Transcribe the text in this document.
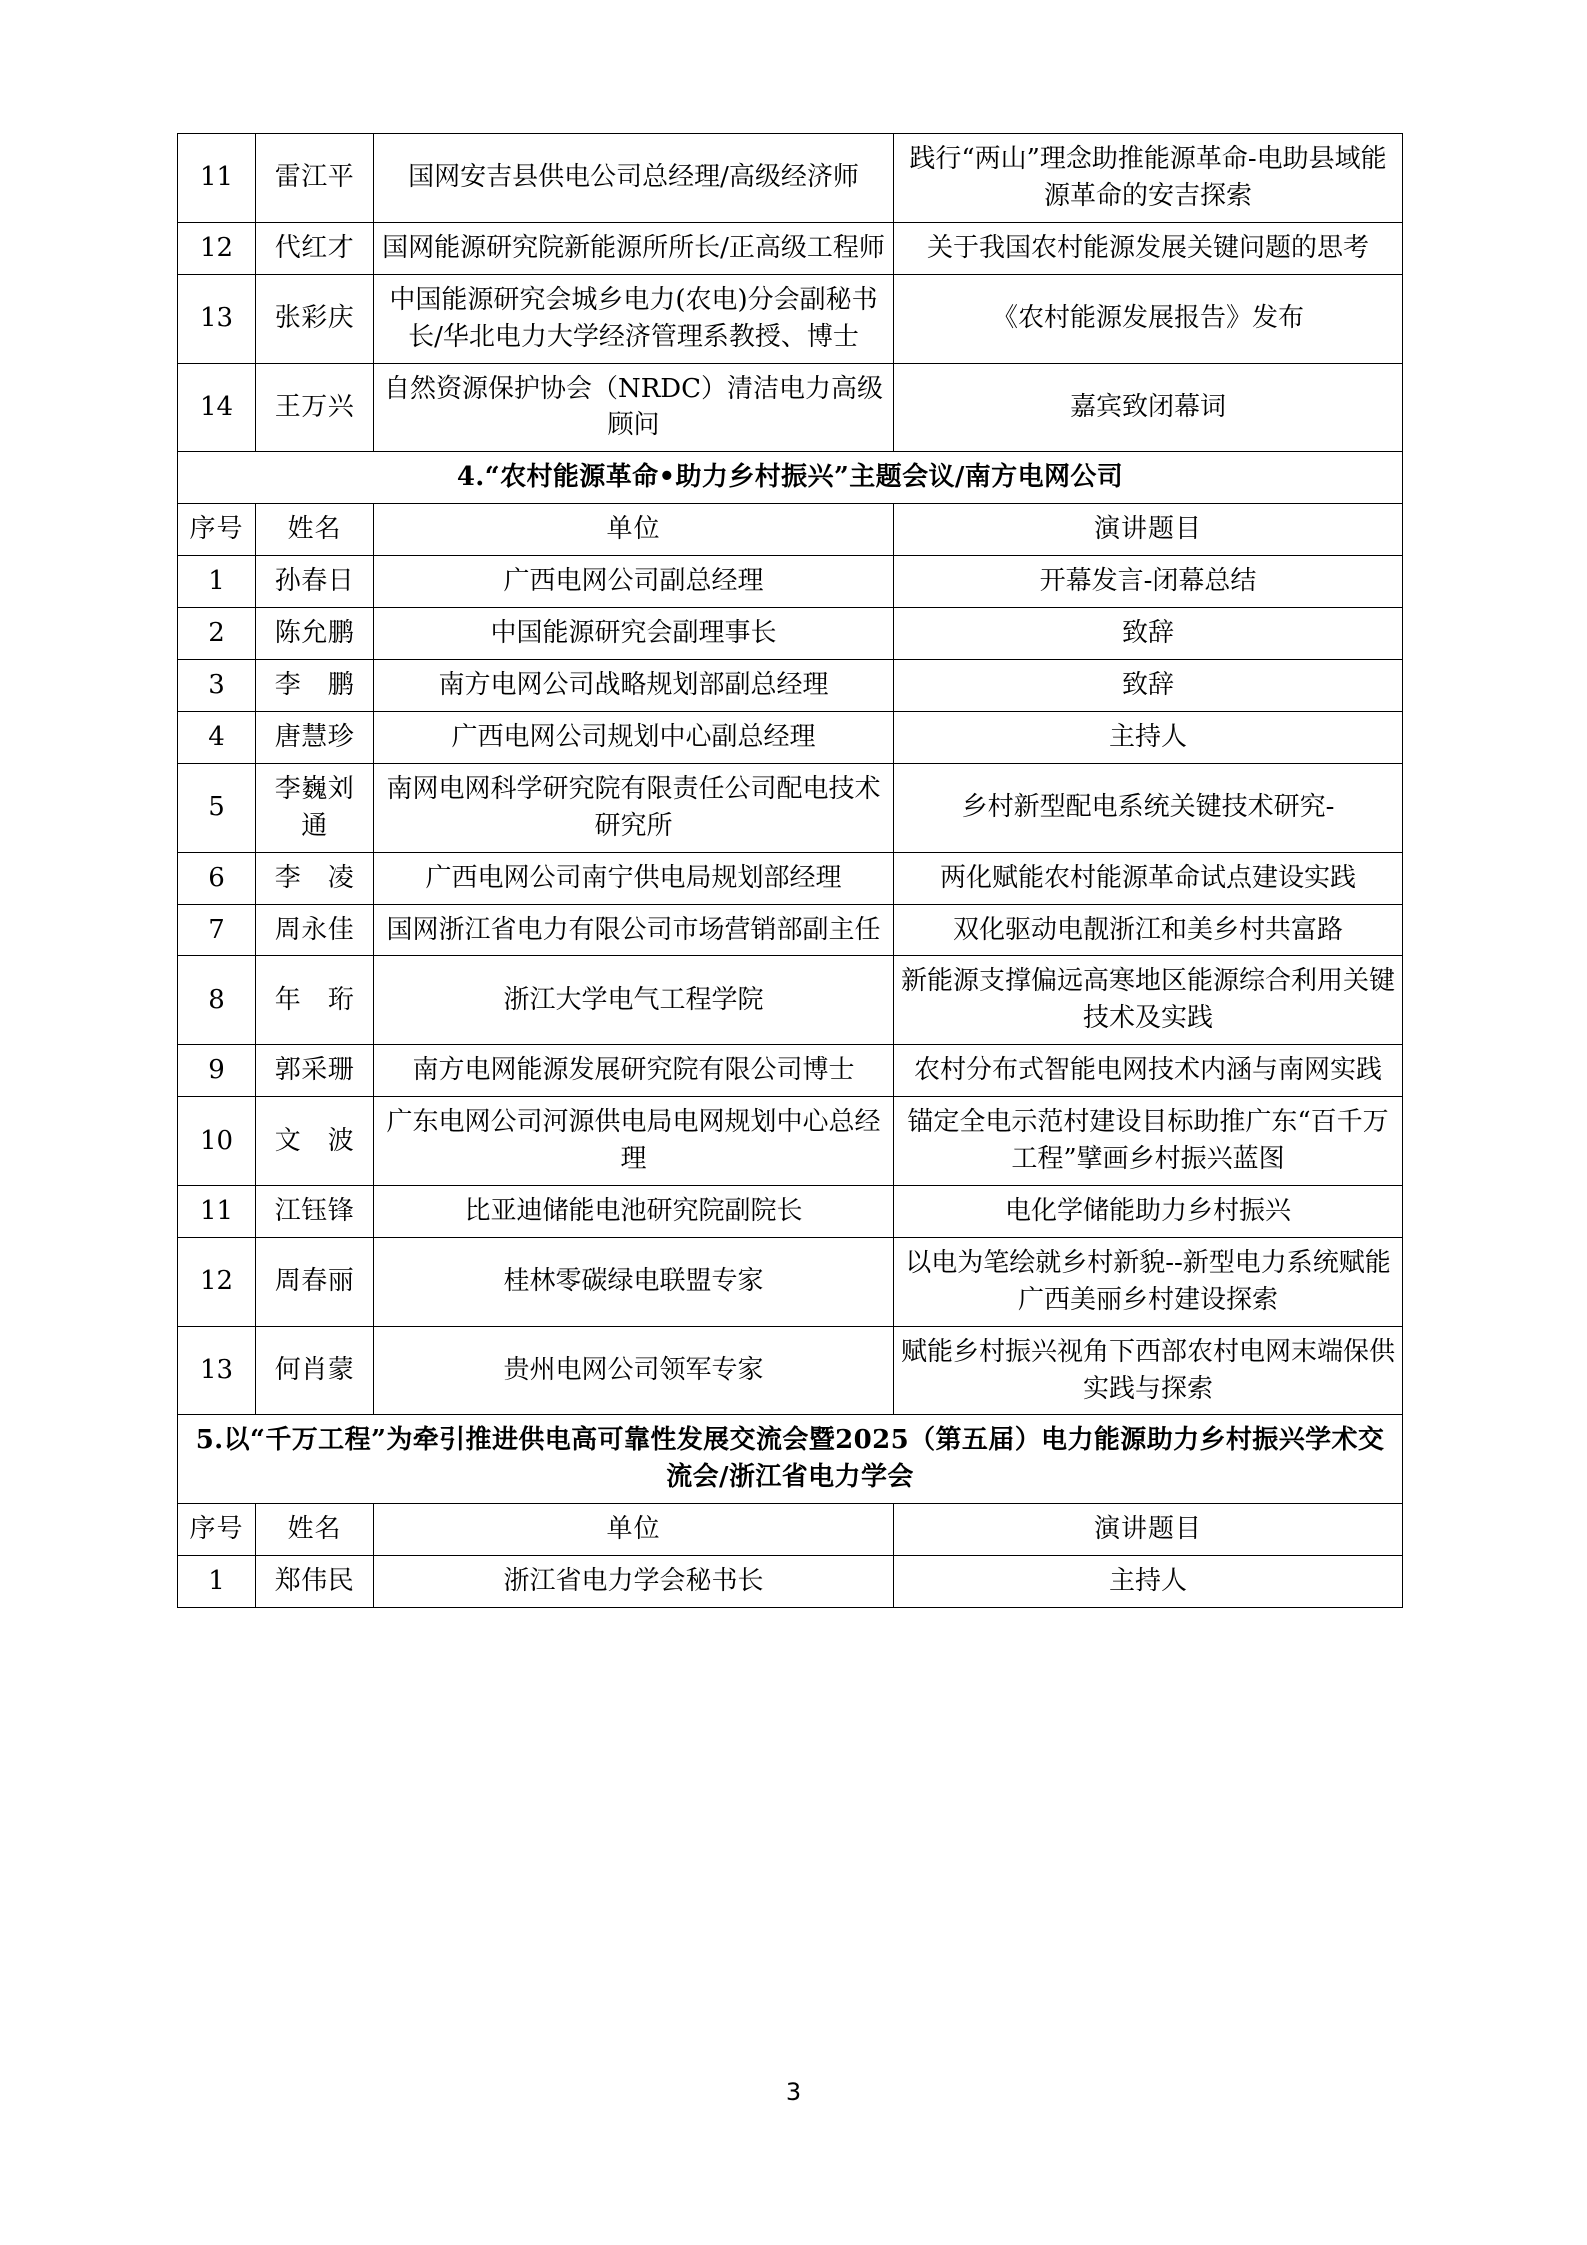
11	雷江平	国网安吉县供电公司总经理/高级经济师	践行“两山”理念助推能源革命-电助县域能源革命的安吉探索
12	代红才	国网能源研究院新能源所所长/正高级工程师	关于我国农村能源发展关键问题的思考
13	张彩庆	中国能源研究会城乡电力(农电)分会副秘书长/华北电力大学经济管理系教授、博士	《农村能源发展报告》发布
14	王万兴	自然资源保护协会（NRDC）清洁电力高级顾问	嘉宾致闭幕词
4.“农村能源革命•助力乡村振兴”主题会议/南方电网公司			
序号	姓名	单位	演讲题目
1	孙春日	广西电网公司副总经理	开幕发言-闭幕总结
2	陈允鹏	中国能源研究会副理事长	致辞
3	李　鹏	南方电网公司战略规划部副总经理	致辞
4	唐慧珍	广西电网公司规划中心副总经理	主持人
5	李巍刘通	南网电网科学研究院有限责任公司配电技术研究所	乡村新型配电系统关键技术研究-
6	李　凌	广西电网公司南宁供电局规划部经理	两化赋能农村能源革命试点建设实践
7	周永佳	国网浙江省电力有限公司市场营销部副主任	双化驱动电靓浙江和美乡村共富路
8	年　珩	浙江大学电气工程学院	新能源支撑偏远高寒地区能源综合利用关键技术及实践
9	郭采珊	南方电网能源发展研究院有限公司博士	农村分布式智能电网技术内涵与南网实践
10	文　波	广东电网公司河源供电局电网规划中心总经理	锚定全电示范村建设目标助推广东“百千万工程”擘画乡村振兴蓝图
11	江钰锋	比亚迪储能电池研究院副院长	电化学储能助力乡村振兴
12	周春丽	桂林零碳绿电联盟专家	以电为笔绘就乡村新貌--新型电力系统赋能广西美丽乡村建设探索
13	何肖蒙	贵州电网公司领军专家	赋能乡村振兴视角下西部农村电网末端保供实践与探索
5.以“千万工程”为牵引推进供电高可靠性发展交流会暨2025（第五届）电力能源助力乡村振兴学术交流会/浙江省电力学会			
序号	姓名	单位	演讲题目
1	郑伟民	浙江省电力学会秘书长	主持人
3
